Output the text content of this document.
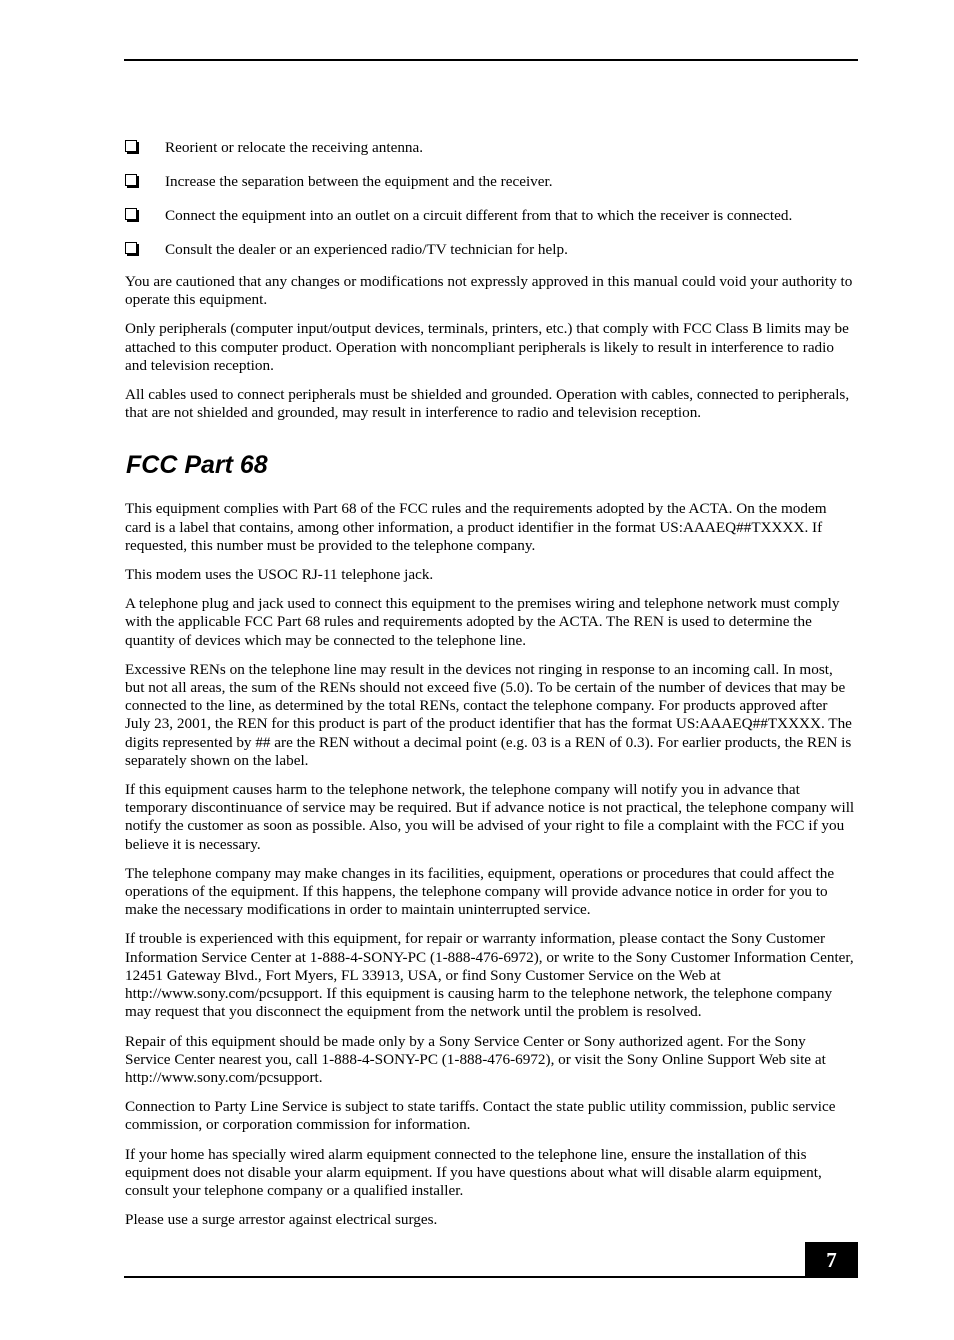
Reorient or relocate the receiving antenna.
Increase the separation between the equipment and the receiver.
Connect the equipment into an outlet on a circuit different from that to which the receiver is connected.
Consult the dealer or an experienced radio/TV technician for help.

You are cautioned that any changes or modifications not expressly approved in this manual could void your authority to operate this equipment.

Only peripherals (computer input/output devices, terminals, printers, etc.) that comply with FCC Class B limits may be attached to this computer product. Operation with noncompliant peripherals is likely to result in interference to radio and television reception.

All cables used to connect peripherals must be shielded and grounded. Operation with cables, connected to peripherals, that are not shielded and grounded, may result in interference to radio and television reception.

FCC Part 68

This equipment complies with Part 68 of the FCC rules and the requirements adopted by the ACTA. On the modem card is a label that contains, among other information, a product identifier in the format US:AAAEQ##TXXXX. If requested, this number must be provided to the telephone company.

This modem uses the USOC RJ-11 telephone jack.

A telephone plug and jack used to connect this equipment to the premises wiring and telephone network must comply with the applicable FCC Part 68 rules and requirements adopted by the ACTA. The REN is used to determine the quantity of devices which may be connected to the telephone line.

Excessive RENs on the telephone line may result in the devices not ringing in response to an incoming call. In most, but not all areas, the sum of the RENs should not exceed five (5.0). To be certain of the number of devices that may be connected to the line, as determined by the total RENs, contact the telephone company. For products approved after July 23, 2001, the REN for this product is part of the product identifier that has the format US:AAAEQ##TXXXX. The digits represented by ## are the REN without a decimal point (e.g. 03 is a REN of 0.3). For earlier products, the REN is separately shown on the label.

If this equipment causes harm to the telephone network, the telephone company will notify you in advance that temporary discontinuance of service may be required. But if advance notice is not practical, the telephone company will notify the customer as soon as possible. Also, you will be advised of your right to file a complaint with the FCC if you believe it is necessary.

The telephone company may make changes in its facilities, equipment, operations or procedures that could affect the operations of the equipment. If this happens, the telephone company will provide advance notice in order for you to make the necessary modifications in order to maintain uninterrupted service.

If trouble is experienced with this equipment, for repair or warranty information, please contact the Sony Customer Information Service Center at 1-888-4-SONY-PC (1-888-476-6972), or write to the Sony Customer Information Center, 12451 Gateway Blvd., Fort Myers, FL 33913, USA, or find Sony Customer Service on the Web at http://www.sony.com/pcsupport. If this equipment is causing harm to the telephone network, the telephone company may request that you disconnect the equipment from the network until the problem is resolved.

Repair of this equipment should be made only by a Sony Service Center or Sony authorized agent. For the Sony Service Center nearest you, call 1-888-4-SONY-PC (1-888-476-6972), or visit the Sony Online Support Web site at http://www.sony.com/pcsupport.

Connection to Party Line Service is subject to state tariffs. Contact the state public utility commission, public service commission, or corporation commission for information.

If your home has specially wired alarm equipment connected to the telephone line, ensure the installation of this equipment does not disable your alarm equipment. If you have questions about what will disable alarm equipment, consult your telephone company or a qualified installer.

Please use a surge arrestor against electrical surges.

7
